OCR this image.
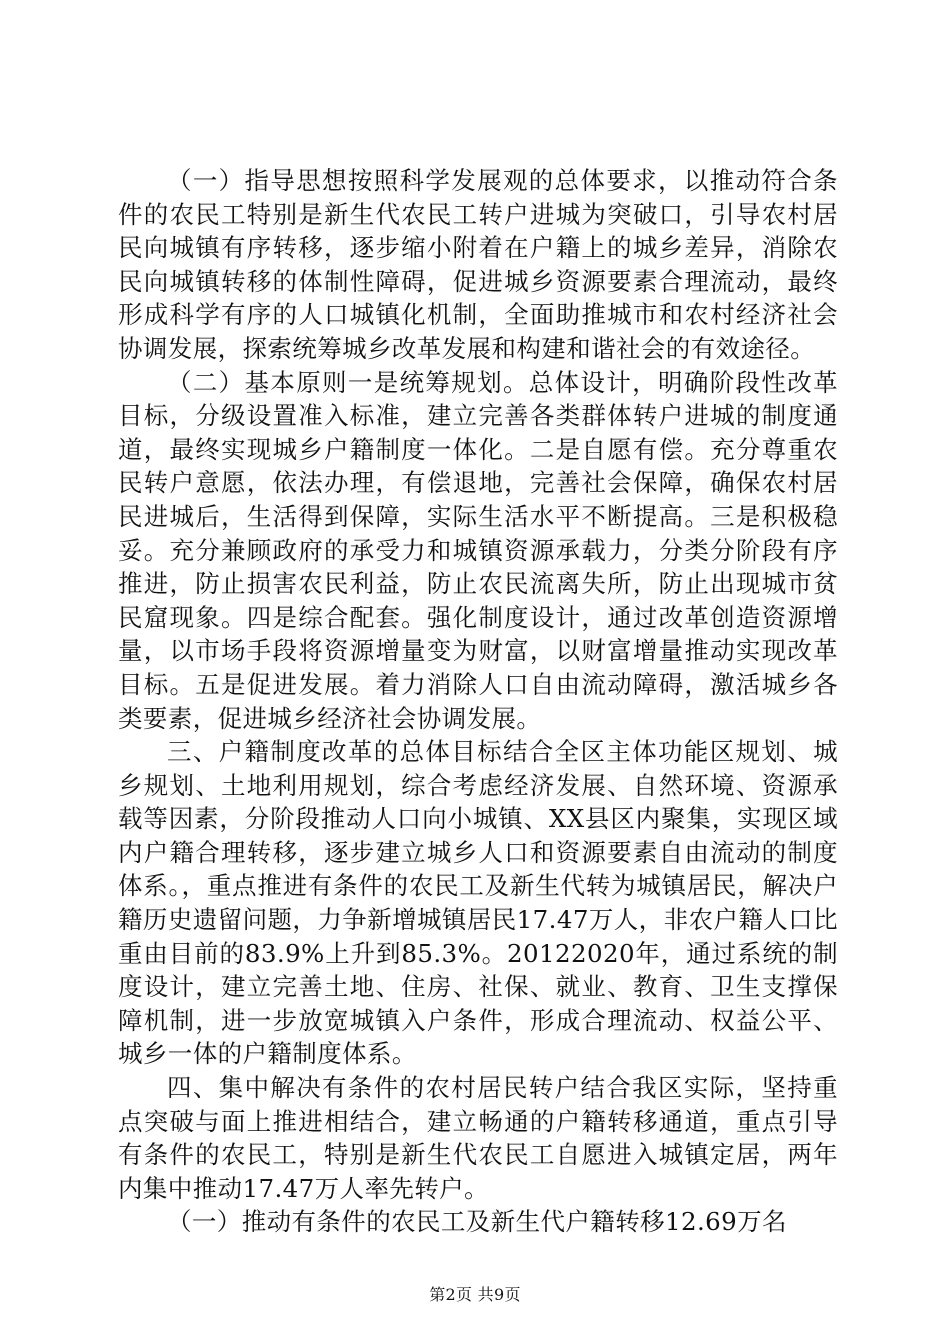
（一）指导思想按照科学发展观的总体要求，以推动符合条件的农民工特别是新生代农民工转户进城为突破口，引导农村居民向城镇有序转移，逐步缩小附着在户籍上的城乡差异，消除农民向城镇转移的体制性障碍，促进城乡资源要素合理流动，最终形成科学有序的人口城镇化机制，全面助推城市和农村经济社会协调发展，探索统筹城乡改革发展和构建和谐社会的有效途径。

（二）基本原则一是统筹规划。总体设计，明确阶段性改革目标，分级设置准入标准，建立完善各类群体转户进城的制度通道，最终实现城乡户籍制度一体化。二是自愿有偿。充分尊重农民转户意愿，依法办理，有偿退地，完善社会保障，确保农村居民进城后，生活得到保障，实际生活水平不断提高。三是积极稳妥。充分兼顾政府的承受力和城镇资源承载力，分类分阶段有序推进，防止损害农民利益，防止农民流离失所，防止出现城市贫民窟现象。四是综合配套。强化制度设计，通过改革创造资源增量，以市场手段将资源增量变为财富，以财富增量推动实现改革目标。五是促进发展。着力消除人口自由流动障碍，激活城乡各类要素，促进城乡经济社会协调发展。

三、户籍制度改革的总体目标结合全区主体功能区规划、城乡规划、土地利用规划，综合考虑经济发展、自然环境、资源承载等因素，分阶段推动人口向小城镇、XX县区内聚集，实现区域内户籍合理转移，逐步建立城乡人口和资源要素自由流动的制度体系。，重点推进有条件的农民工及新生代转为城镇居民，解决户籍历史遗留问题，力争新增城镇居民17.47万人，非农户籍人口比重由目前的83.9%上升到85.3%。20122020年，通过系统的制度设计，建立完善土地、住房、社保、就业、教育、卫生支撑保障机制，进一步放宽城镇入户条件，形成合理流动、权益公平、城乡一体的户籍制度体系。

四、集中解决有条件的农村居民转户结合我区实际，坚持重点突破与面上推进相结合，建立畅通的户籍转移通道，重点引导有条件的农民工，特别是新生代农民工自愿进入城镇定居，两年内集中推动17.47万人率先转户。

（一）推动有条件的农民工及新生代户籍转移12.69万名

第2页 共9页
